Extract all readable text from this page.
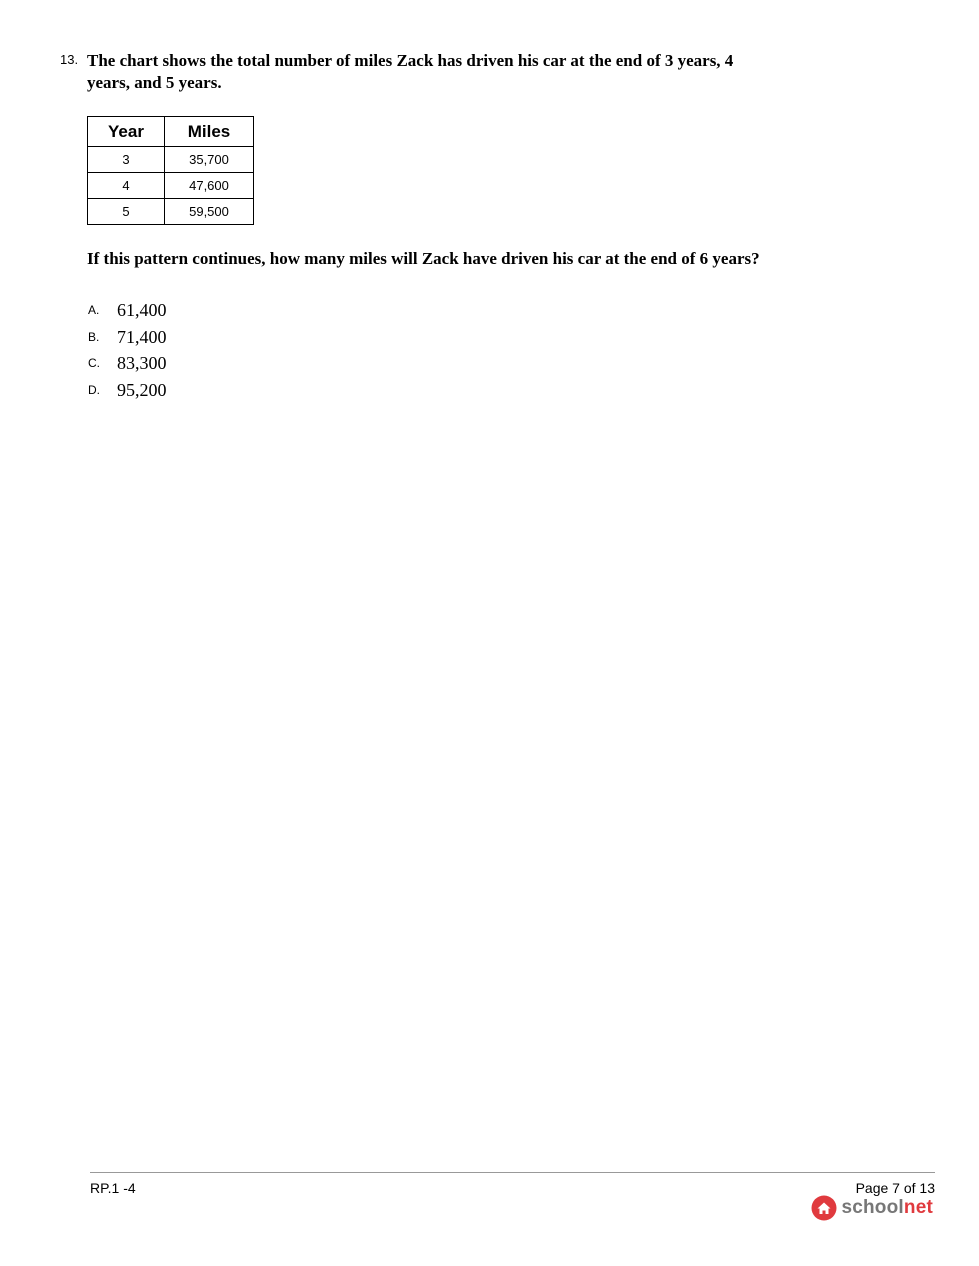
13. The chart shows the total number of miles Zack has driven his car at the end of 3 years, 4 years, and 5 years.
Year	Miles
3	35,700
4	47,600
5	59,500
If this pattern continues, how many miles will Zack have driven his car at the end of 6 years?
A. 61,400
B. 71,400
C. 83,300
D. 95,200
RP.1 -4	Page 7 of 13
schoolnet
